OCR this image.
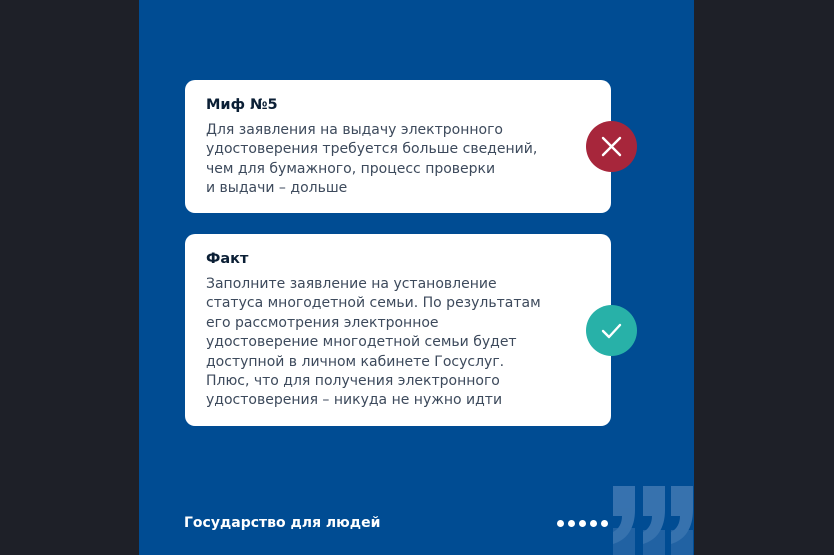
Миф №5
Для заявления на выдачу электронного
удостоверения требуется больше сведений,
чем для бумажного, процесс проверки
и выдачи – дольше
Факт
Заполните заявление на установление
статуса многодетной семьи. По результатам
его рассмотрения электронное
удостоверение многодетной семьи будет
доступной в личном кабинете Госуслуг.
Плюс, что для получения электронного
удостоверения – никуда не нужно идти
Государство для людей
